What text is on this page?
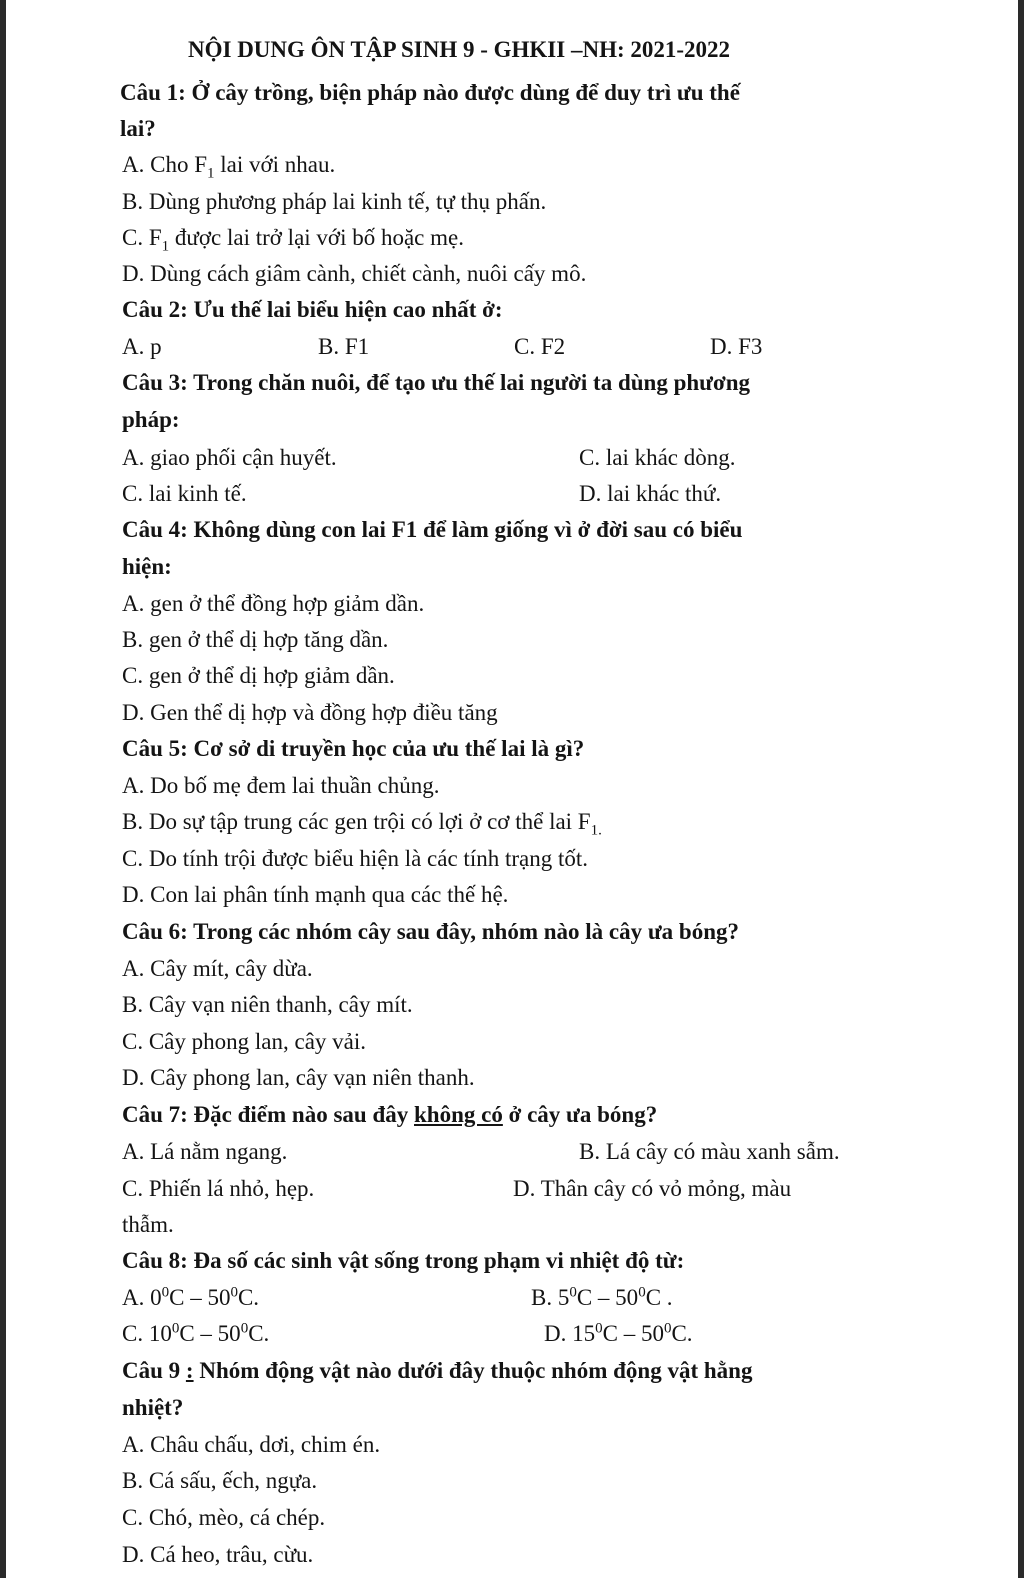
NỘI DUNG ÔN TẬP SINH 9 - GHKII –NH: 2021-2022
Câu 1: Ở cây trồng, biện pháp nào được dùng để duy trì ưu thế
lai?
A. Cho $F_1$ lai với nhau.
B. Dùng phương pháp lai kinh tế, tự thụ phấn.
C. $F_1$ được lai trở lại với bố hoặc mẹ.
D. Dùng cách giâm cành, chiết cành, nuôi cấy mô.
Câu 2: Ưu thế lai biểu hiện cao nhất ở:
A. p	B. F1	C. F2	D. F3
Câu 3: Trong chăn nuôi, để tạo ưu thế lai người ta dùng phương
pháp:
A. giao phối cận huyết.	C. lai khác dòng.
C. lai kinh tế.	D. lai khác thứ.
Câu 4: Không dùng con lai F1 để làm giống vì ở đời sau có biểu
hiện:
A. gen ở thể đồng hợp giảm dần.
B. gen ở thể dị hợp tăng dần.
C. gen ở thể dị hợp giảm dần.
D. Gen thể dị hợp và đồng hợp điều tăng
Câu 5: Cơ sở di truyền học của ưu thế lai là gì?
A. Do bố mẹ đem lai thuần chủng.
B. Do sự tập trung các gen trội có lợi ở cơ thể lai $F_{1.}$
C. Do tính trội được biểu hiện là các tính trạng tốt.
D. Con lai phân tính mạnh qua các thế hệ.
Câu 6: Trong các nhóm cây sau đây, nhóm nào là cây ưa bóng?
A. Cây mít, cây dừa.
B. Cây vạn niên thanh, cây mít.
C. Cây phong lan, cây vải.
D. Cây phong lan, cây vạn niên thanh.
Câu 7: Đặc điểm nào sau đây không có ở cây ưa bóng?
A. Lá nằm ngang.	B. Lá cây có màu xanh sẫm.
C. Phiến lá nhỏ, hẹp.	D. Thân cây có vỏ mỏng, màu
thẫm.
Câu 8: Đa số các sinh vật sống trong phạm vi nhiệt độ từ:
A. $0^0C - 50^0C$.	B. $5^0C - 50^0C$ .
C. $10^0C - 50^0C$.	D. $15^0C - 50^0C$.
Câu 9 : Nhóm động vật nào dưới đây thuộc nhóm động vật hằng
nhiệt?
A. Châu chấu, dơi, chim én.
B. Cá sấu, ếch, ngựa.
C. Chó, mèo, cá chép.
D. Cá heo, trâu, cừu.
